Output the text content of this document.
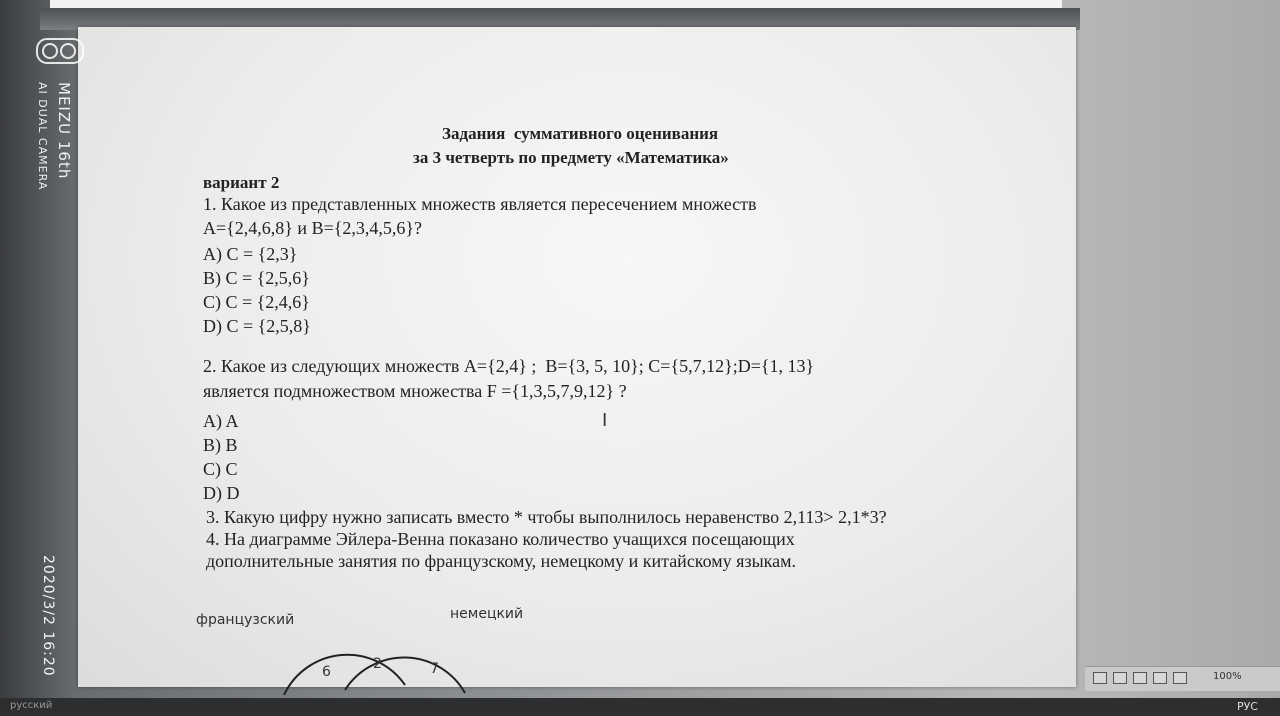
Задания  суммативного оценивания
за 3 четверть по предмету «Математика»
вариант 2
1. Какое из представленных множеств является пересечением множеств
А={2,4,6,8} и В={2,3,4,5,6}?
A) С = {2,3}
B) С = {2,5,6}
C) С = {2,4,6}
D) С = {2,5,8}
2. Какое из следующих множеств А={2,4} ;  В={3, 5, 10}; С={5,7,12};D={1, 13}
является подмножеством множества F ={1,3,5,7,9,12} ?
A) A
B) B
C) C
D) D
3. Какую цифру нужно записать вместо * чтобы выполнилось неравенство 2,113> 2,1*3?
4. На диаграмме Эйлера-Венна показано количество учащихся посещающих
дополнительные занятия по французскому, немецкому и китайскому языкам.
I
французский	немецкий
6	2	7
MEIZU 16th
AI DUAL CAMERA
2020/3/2 16:20	100%
русский	РУС
